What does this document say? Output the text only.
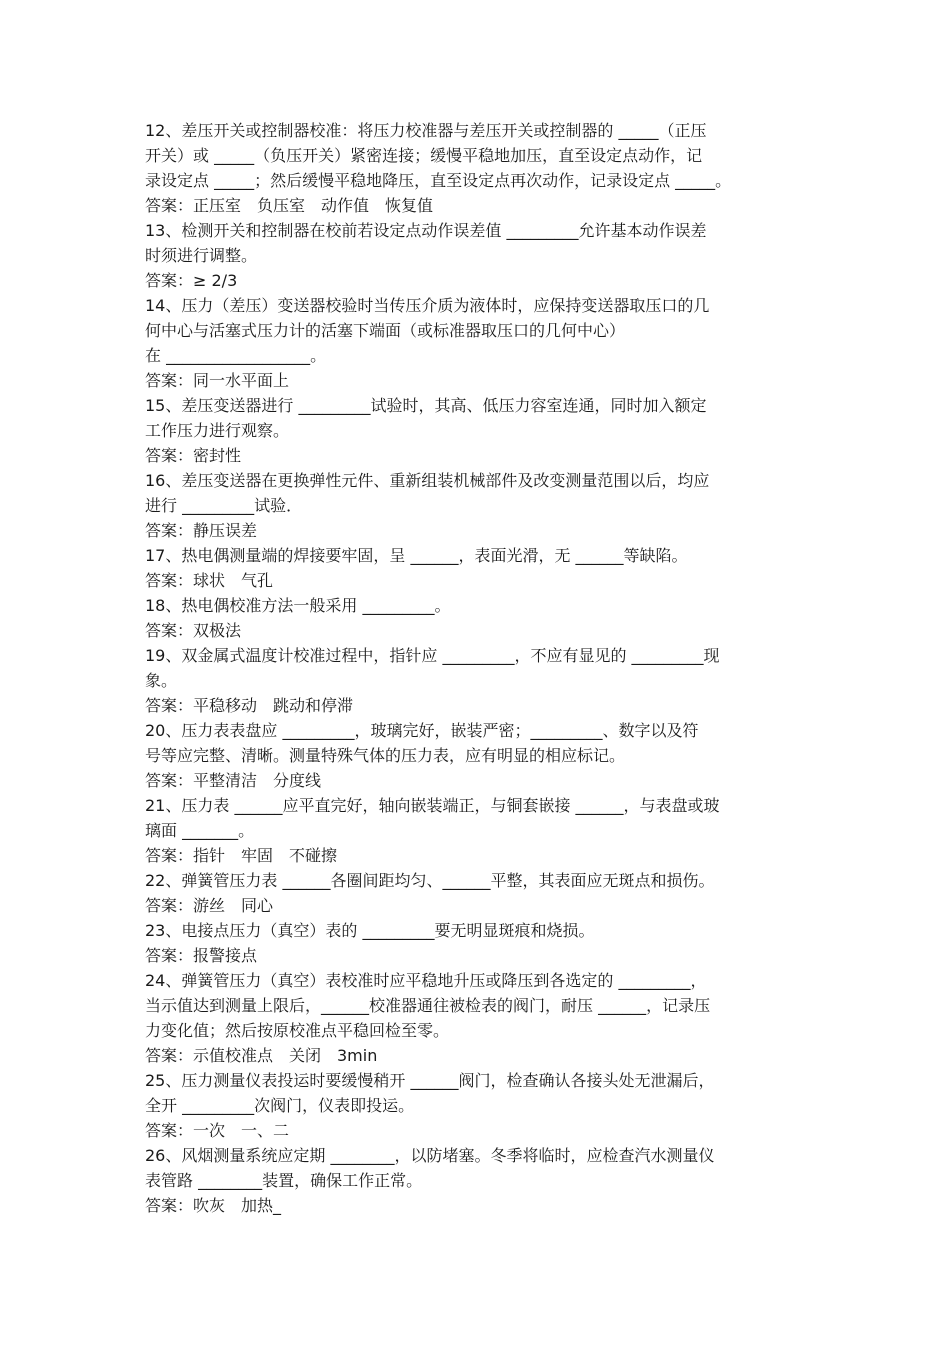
12、差压开关或控制器校准：将压力校准器与差压开关或控制器的 _____（正压
开关）或 _____（负压开关）紧密连接；缓慢平稳地加压，直至设定点动作，记
录设定点 _____；然后缓慢平稳地降压，直至设定点再次动作，记录设定点 _____。
答案：正压室　负压室　动作值　恢复值
13、检测开关和控制器在校前若设定点动作误差值 _________允许基本动作误差
时须进行调整。
答案：≥ 2/3
14、压力（差压）变送器校验时当传压介质为液体时，应保持变送器取压口的几
何中心与活塞式压力计的活塞下端面（或标准器取压口的几何中心）
在 __________________。
答案：同一水平面上
15、差压变送器进行 _________试验时，其高、低压力容室连通，同时加入额定
工作压力进行观察。
答案：密封性
16、差压变送器在更换弹性元件、重新组装机械部件及改变测量范围以后，均应
进行 _________试验．
答案：静压误差
17、热电偶测量端的焊接要牢固，呈 ______，表面光滑，无 ______等缺陷。
答案：球状　气孔
18、热电偶校准方法一般采用 _________。
答案：双极法
19、双金属式温度计校准过程中，指针应 _________，不应有显见的 _________现
象。
答案：平稳移动　跳动和停滞
20、压力表表盘应 _________，玻璃完好，嵌装严密；_________、数字以及符
号等应完整、清晰。测量特殊气体的压力表，应有明显的相应标记。
答案：平整清洁　分度线
21、压力表 ______应平直完好，轴向嵌装端正，与铜套嵌接 ______，与表盘或玻
璃面 _______。
答案：指针　牢固　不碰擦
22、弹簧管压力表 ______各圈间距均匀、______平整，其表面应无斑点和损伤。
答案：游丝　同心
23、电接点压力（真空）表的 _________要无明显斑痕和烧损。
答案：报警接点
24、弹簧管压力（真空）表校准时应平稳地升压或降压到各选定的 _________，
当示值达到测量上限后，______校准器通往被检表的阀门，耐压 ______，记录压
力变化值；然后按原校准点平稳回检至零。
答案：示值校准点　关闭　3min
25、压力测量仪表投运时要缓慢稍开 ______阀门，检查确认各接头处无泄漏后，
全开 _________次阀门，仪表即投运。
答案：一次　一、二
26、风烟测量系统应定期 ________，以防堵塞。冬季将临时，应检查汽水测量仪
表管路 ________装置，确保工作正常。
答案：吹灰　加热_
